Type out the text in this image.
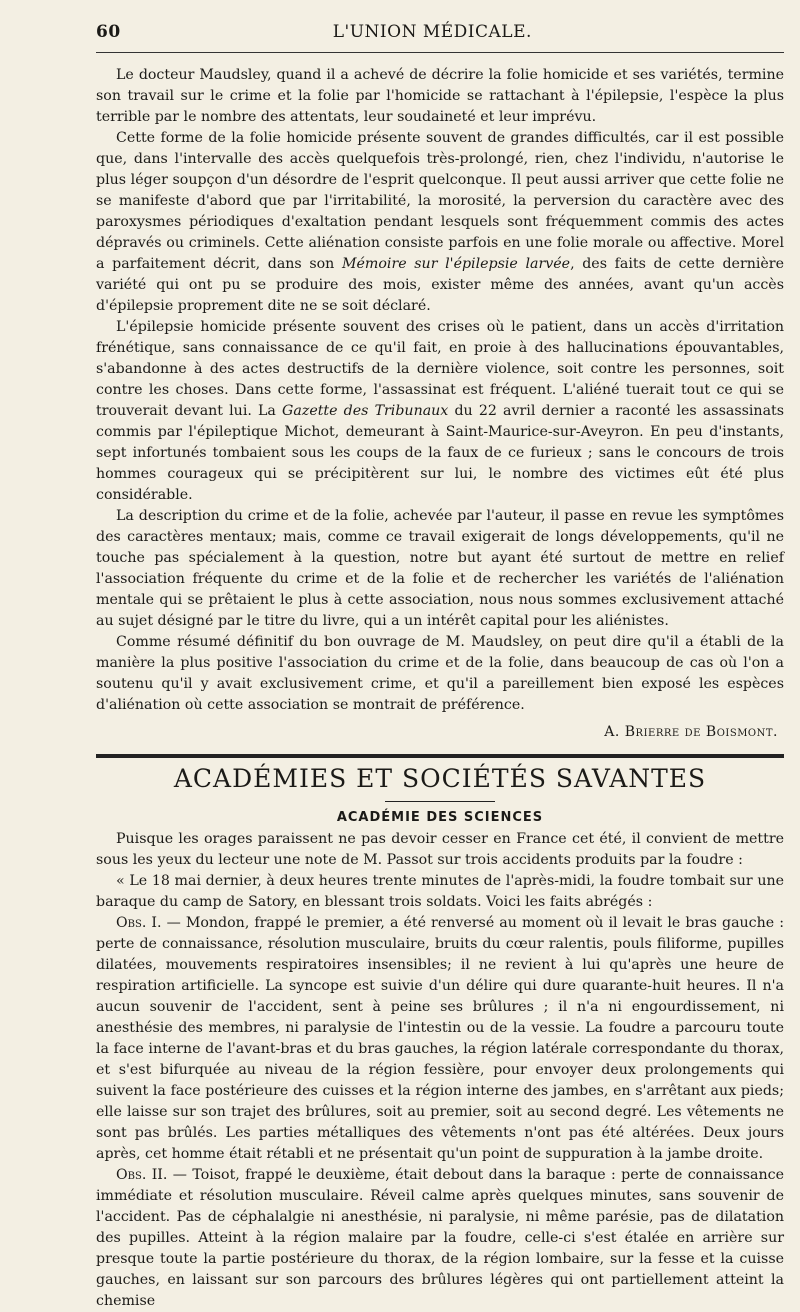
60	L'UNION MÉDICALE.

Le docteur Maudsley, quand il a achevé de décrire la folie homicide et ses variétés, termine son travail sur le crime et la folie par l'homicide se rattachant à l'épilepsie, l'espèce la plus terrible par le nombre des attentats, leur soudaineté et leur imprévu.

Cette forme de la folie homicide présente souvent de grandes difficultés, car il est possible que, dans l'intervalle des accès quelquefois très-prolongé, rien, chez l'individu, n'autorise le plus léger soupçon d'un désordre de l'esprit quelconque. Il peut aussi arriver que cette folie ne se manifeste d'abord que par l'irritabilité, la morosité, la perversion du caractère avec des paroxysmes périodiques d'exaltation pendant lesquels sont fréquemment commis des actes dépravés ou criminels. Cette aliénation consiste parfois en une folie morale ou affective. Morel a parfaitement décrit, dans son Mémoire sur l'épilepsie larvée, des faits de cette dernière variété qui ont pu se produire des mois, exister même des années, avant qu'un accès d'épilepsie proprement dite ne se soit déclaré.

L'épilepsie homicide présente souvent des crises où le patient, dans un accès d'irritation frénétique, sans connaissance de ce qu'il fait, en proie à des hallucinations épouvantables, s'abandonne à des actes destructifs de la dernière violence, soit contre les personnes, soit contre les choses. Dans cette forme, l'assassinat est fréquent. L'aliéné tuerait tout ce qui se trouverait devant lui. La Gazette des Tribunaux du 22 avril dernier a raconté les assassinats commis par l'épileptique Michot, demeurant à Saint-Maurice-sur-Aveyron. En peu d'instants, sept infortunés tombaient sous les coups de la faux de ce furieux ; sans le concours de trois hommes courageux qui se précipitèrent sur lui, le nombre des victimes eût été plus considérable.

La description du crime et de la folie, achevée par l'auteur, il passe en revue les symptômes des caractères mentaux; mais, comme ce travail exigerait de longs développements, qu'il ne touche pas spécialement à la question, notre but ayant été surtout de mettre en relief l'association fréquente du crime et de la folie et de rechercher les variétés de l'aliénation mentale qui se prêtaient le plus à cette association, nous nous sommes exclusivement attaché au sujet désigné par le titre du livre, qui a un intérêt capital pour les aliénistes.

Comme résumé définitif du bon ouvrage de M. Maudsley, on peut dire qu'il a établi de la manière la plus positive l'association du crime et de la folie, dans beaucoup de cas où l'on a soutenu qu'il y avait exclusivement crime, et qu'il a pareillement bien exposé les espèces d'aliénation où cette association se montrait de préférence.

A. Brierre de Boismont.
ACADÉMIES ET SOCIÉTÉS SAVANTES
ACADÉMIE DES SCIENCES

Puisque les orages paraissent ne pas devoir cesser en France cet été, il convient de mettre sous les yeux du lecteur une note de M. Passot sur trois accidents produits par la foudre :

« Le 18 mai dernier, à deux heures trente minutes de l'après-midi, la foudre tombait sur une baraque du camp de Satory, en blessant trois soldats. Voici les faits abrégés :

Obs. I. — Mondon, frappé le premier, a été renversé au moment où il levait le bras gauche : perte de connaissance, résolution musculaire, bruits du cœur ralentis, pouls filiforme, pupilles dilatées, mouvements respiratoires insensibles; il ne revient à lui qu'après une heure de respiration artificielle. La syncope est suivie d'un délire qui dure quarante-huit heures. Il n'a aucun souvenir de l'accident, sent à peine ses brûlures ; il n'a ni engourdissement, ni anesthésie des membres, ni paralysie de l'intestin ou de la vessie. La foudre a parcouru toute la face interne de l'avant-bras et du bras gauches, la région latérale correspondante du thorax, et s'est bifurquée au niveau de la région fessière, pour envoyer deux prolongements qui suivent la face postérieure des cuisses et la région interne des jambes, en s'arrêtant aux pieds; elle laisse sur son trajet des brûlures, soit au premier, soit au second degré. Les vêtements ne sont pas brûlés. Les parties métalliques des vêtements n'ont pas été altérées. Deux jours après, cet homme était rétabli et ne présentait qu'un point de suppuration à la jambe droite.

Obs. II. — Toisot, frappé le deuxième, était debout dans la baraque : perte de connaissance immédiate et résolution musculaire. Réveil calme après quelques minutes, sans souvenir de l'accident. Pas de céphalalgie ni anesthésie, ni paralysie, ni même parésie, pas de dilatation des pupilles. Atteint à la région malaire par la foudre, celle-ci s'est étalée en arrière sur presque toute la partie postérieure du thorax, de la région lombaire, sur la fesse et la cuisse gauches, en laissant sur son parcours des brûlures légères qui ont partiellement atteint la chemise
